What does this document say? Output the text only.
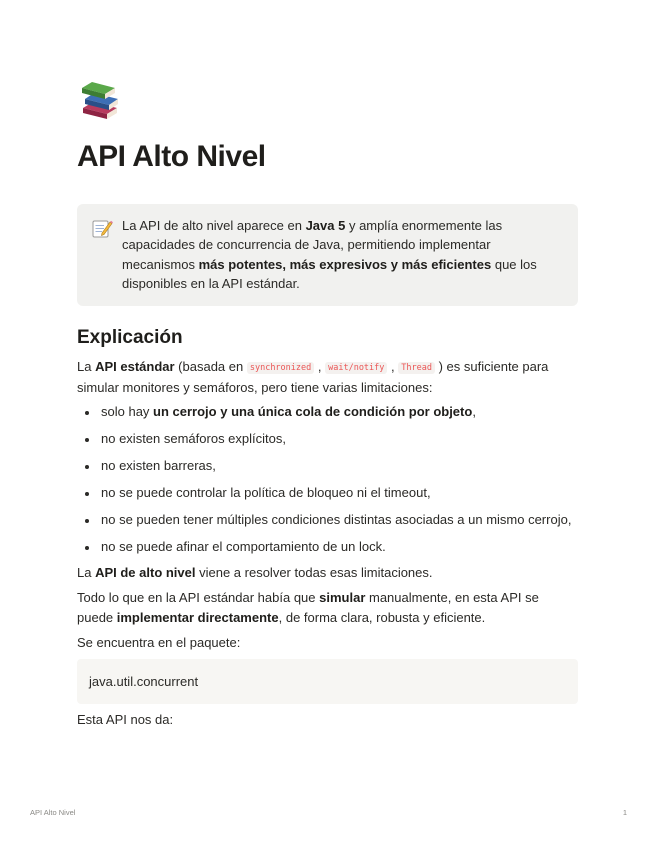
API Alto Nivel
La API de alto nivel aparece en Java 5 y amplía enormemente las capacidades de concurrencia de Java, permitiendo implementar mecanismos más potentes, más expresivos y más eficientes que los disponibles en la API estándar.
Explicación

La API estándar (basada en synchronized , wait/notify , Thread ) es suficiente para simular monitores y semáforos, pero tiene varias limitaciones:

• solo hay un cerrojo y una única cola de condición por objeto,
• no existen semáforos explícitos,
• no existen barreras,
• no se puede controlar la política de bloqueo ni el timeout,
• no se pueden tener múltiples condiciones distintas asociadas a un mismo cerrojo,
• no se puede afinar el comportamiento de un lock.

La API de alto nivel viene a resolver todas esas limitaciones.

Todo lo que en la API estándar había que simular manualmente, en esta API se puede implementar directamente, de forma clara, robusta y eficiente.

Se encuentra en el paquete:

java.util.concurrent

Esta API nos da:

API Alto Nivel	1
